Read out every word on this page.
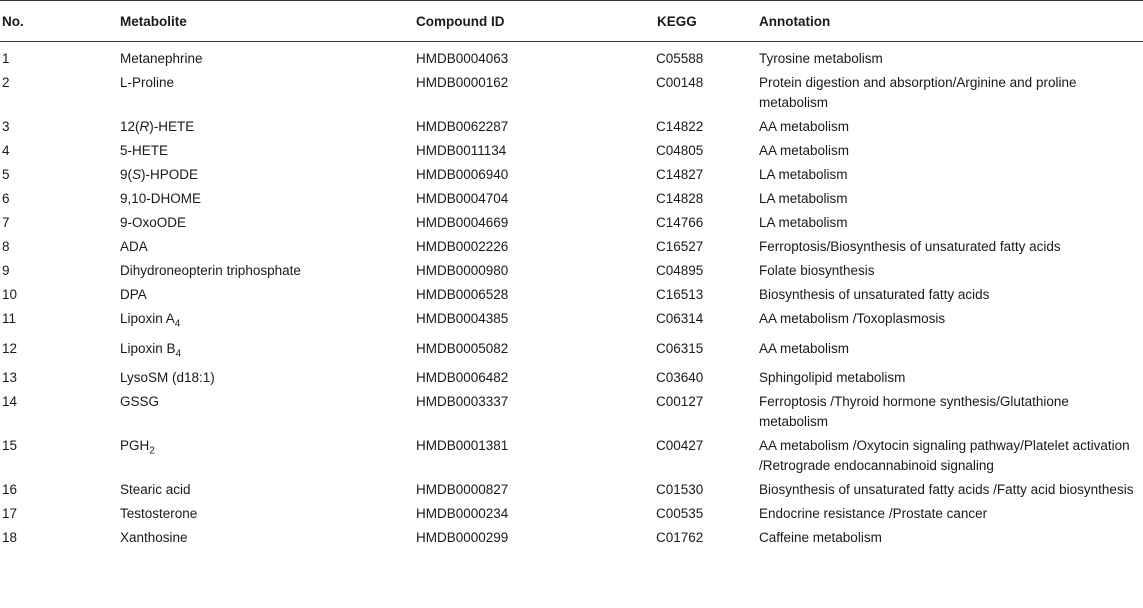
No.	Metabolite	Compound ID	KEGG	Annotation
1	Metanephrine	HMDB0004063	C05588	Tyrosine metabolism
2	L-Proline	HMDB0000162	C00148	Protein digestion and absorption/Arginine and proline metabolism
3	12(R)-HETE	HMDB0062287	C14822	AA metabolism
4	5-HETE	HMDB0011134	C04805	AA metabolism
5	9(S)-HPODE	HMDB0006940	C14827	LA metabolism
6	9,10-DHOME	HMDB0004704	C14828	LA metabolism
7	9-OxoODE	HMDB0004669	C14766	LA metabolism
8	ADA	HMDB0002226	C16527	Ferroptosis/Biosynthesis of unsaturated fatty acids
9	Dihydroneopterin triphosphate	HMDB0000980	C04895	Folate biosynthesis
10	DPA	HMDB0006528	C16513	Biosynthesis of unsaturated fatty acids
11	Lipoxin $A_4$	HMDB0004385	C06314	AA metabolism /Toxoplasmosis
12	Lipoxin $B_4$	HMDB0005082	C06315	AA metabolism
13	LysoSM (d18:1)	HMDB0006482	C03640	Sphingolipid metabolism
14	GSSG	HMDB0003337	C00127	Ferroptosis /Thyroid hormone synthesis/Glutathione metabolism
15	$PGH_2$	HMDB0001381	C00427	AA metabolism /Oxytocin signaling pathway/Platelet activation /Retrograde endocannabinoid signaling
16	Stearic acid	HMDB0000827	C01530	Biosynthesis of unsaturated fatty acids /Fatty acid biosynthesis
17	Testosterone	HMDB0000234	C00535	Endocrine resistance /Prostate cancer
18	Xanthosine	HMDB0000299	C01762	Caffeine metabolism
